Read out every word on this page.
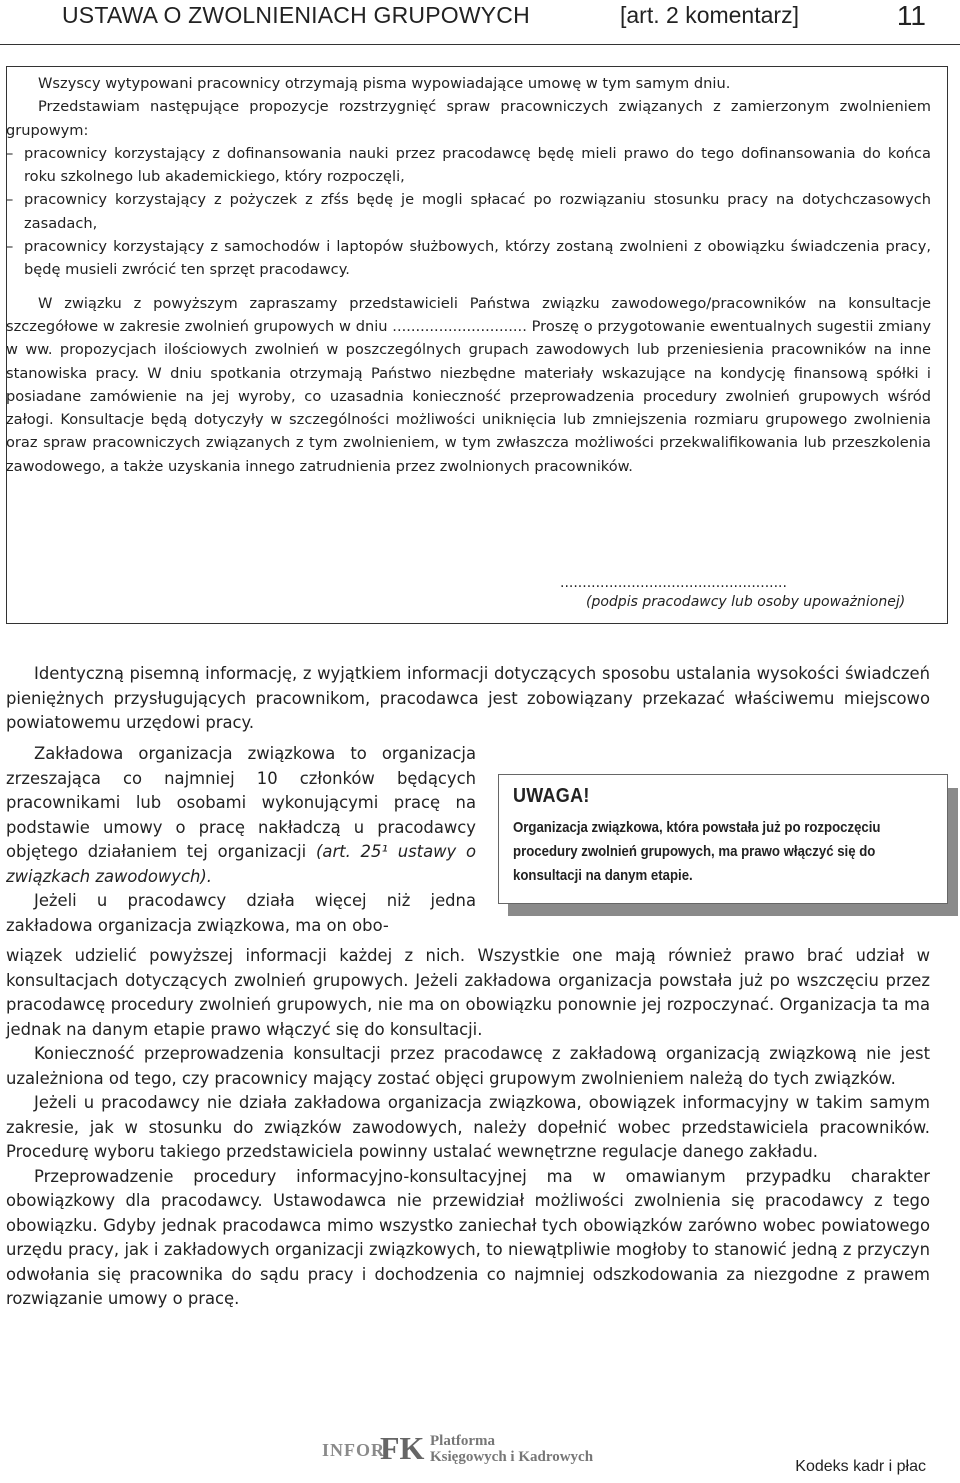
USTAWA O ZWOLNIENIACH GRUPOWYCH	[art. 2 komentarz]	11

Wszyscy wytypowani pracownicy otrzymają pisma wypowiadające umowę w tym samym dniu.

Przedstawiam następujące propozycje rozstrzygnięć spraw pracowniczych związanych z zamierzonym zwolnieniem grupowym:

– pracownicy korzystający z dofinansowania nauki przez pracodawcę będę mieli prawo do tego dofinansowania do końca roku szkolnego lub akademickiego, który rozpoczęli,
– pracownicy korzystający z pożyczek z zfśs będę je mogli spłacać po rozwiązaniu stosunku pracy na dotychczasowych zasadach,
– pracownicy korzystający z samochodów i laptopów służbowych, którzy zostaną zwolnieni z obowiązku świadczenia pracy, będę musieli zwrócić ten sprzęt pracodawcy.

W związku z powyższym zapraszamy przedstawicieli Państwa związku zawodowego/pracowników na konsultacje szczegółowe w zakresie zwolnień grupowych w dniu ............................. Proszę o przygotowanie ewentualnych sugestii zmiany w ww. propozycjach ilościowych zwolnień w poszczególnych grupach zawodowych lub przeniesienia pracowników na inne stanowiska pracy. W dniu spotkania otrzymają Państwo niezbędne materiały wskazujące na kondycję finansową spółki i posiadane zamówienie na jej wyroby, co uzasadnia konieczność przeprowadzenia procedury zwolnień grupowych wśród załogi. Konsultacje będą dotyczyły w szczególności możliwości uniknięcia lub zmniejszenia rozmiaru grupowego zwolnienia oraz spraw pracowniczych związanych z tym zwolnieniem, w tym zwłaszcza możliwości przekwalifikowania lub przeszkolenia zawodowego, a także uzyskania innego zatrudnienia przez zwolnionych pracowników.

...................................................
(podpis pracodawcy lub osoby upoważnionej)

Identyczną pisemną informację, z wyjątkiem informacji dotyczących sposobu ustalania wysokości świadczeń pieniężnych przysługujących pracownikom, pracodawca jest zobowiązany przekazać właściwemu miejscowo powiatowemu urzędowi pracy.

Zakładowa organizacja związkowa to organizacja zrzeszająca co najmniej 10 członków będących pracownikami lub osobami wykonującymi pracę na podstawie umowy o pracę nakładczą u pracodawcy objętego działaniem tej organizacji (art. 25¹ ustawy o związkach zawodowych).

Jeżeli u pracodawcy działa więcej niż jedna zakładowa organizacja związkowa, ma on obo-

UWAGA!
Organizacja związkowa, która powstała już po rozpoczęciu procedury zwolnień grupowych, ma prawo włączyć się do konsultacji na danym etapie.

wiązek udzielić powyższej informacji każdej z nich. Wszystkie one mają również prawo brać udział w konsultacjach dotyczących zwolnień grupowych. Jeżeli zakładowa organizacja powstała już po wszczęciu przez pracodawcę procedury zwolnień grupowych, nie ma on obowiązku ponownie jej rozpoczynać. Organizacja ta ma jednak na danym etapie prawo włączyć się do konsultacji.

Konieczność przeprowadzenia konsultacji przez pracodawcę z zakładową organizacją związkową nie jest uzależniona od tego, czy pracownicy mający zostać objęci grupowym zwolnieniem należą do tych związków.

Jeżeli u pracodawcy nie działa zakładowa organizacja związkowa, obowiązek informacyjny w takim samym zakresie, jak w stosunku do związków zawodowych, należy dopełnić wobec przedstawiciela pracowników. Procedurę wyboru takiego przedstawiciela powinny ustalać wewnętrzne regulacje danego zakładu.

Przeprowadzenie procedury informacyjno-konsultacyjnej ma w omawianym przypadku charakter obowiązkowy dla pracodawcy. Ustawodawca nie przewidział możliwości zwolnienia się pracodawcy z tego obowiązku. Gdyby jednak pracodawca mimo wszystko zaniechał tych obowiązków zarówno wobec powiatowego urzędu pracy, jak i zakładowych organizacji związkowych, to niewątpliwie mogłoby to stanowić jedną z przyczyn odwołania się pracownika do sądu pracy i dochodzenia co najmniej odszkodowania za niezgodne z prawem rozwiązanie umowy o pracę.

INFOR
FK Platforma
Księgowych i Kadrowych
Kodeks kadr i płac
